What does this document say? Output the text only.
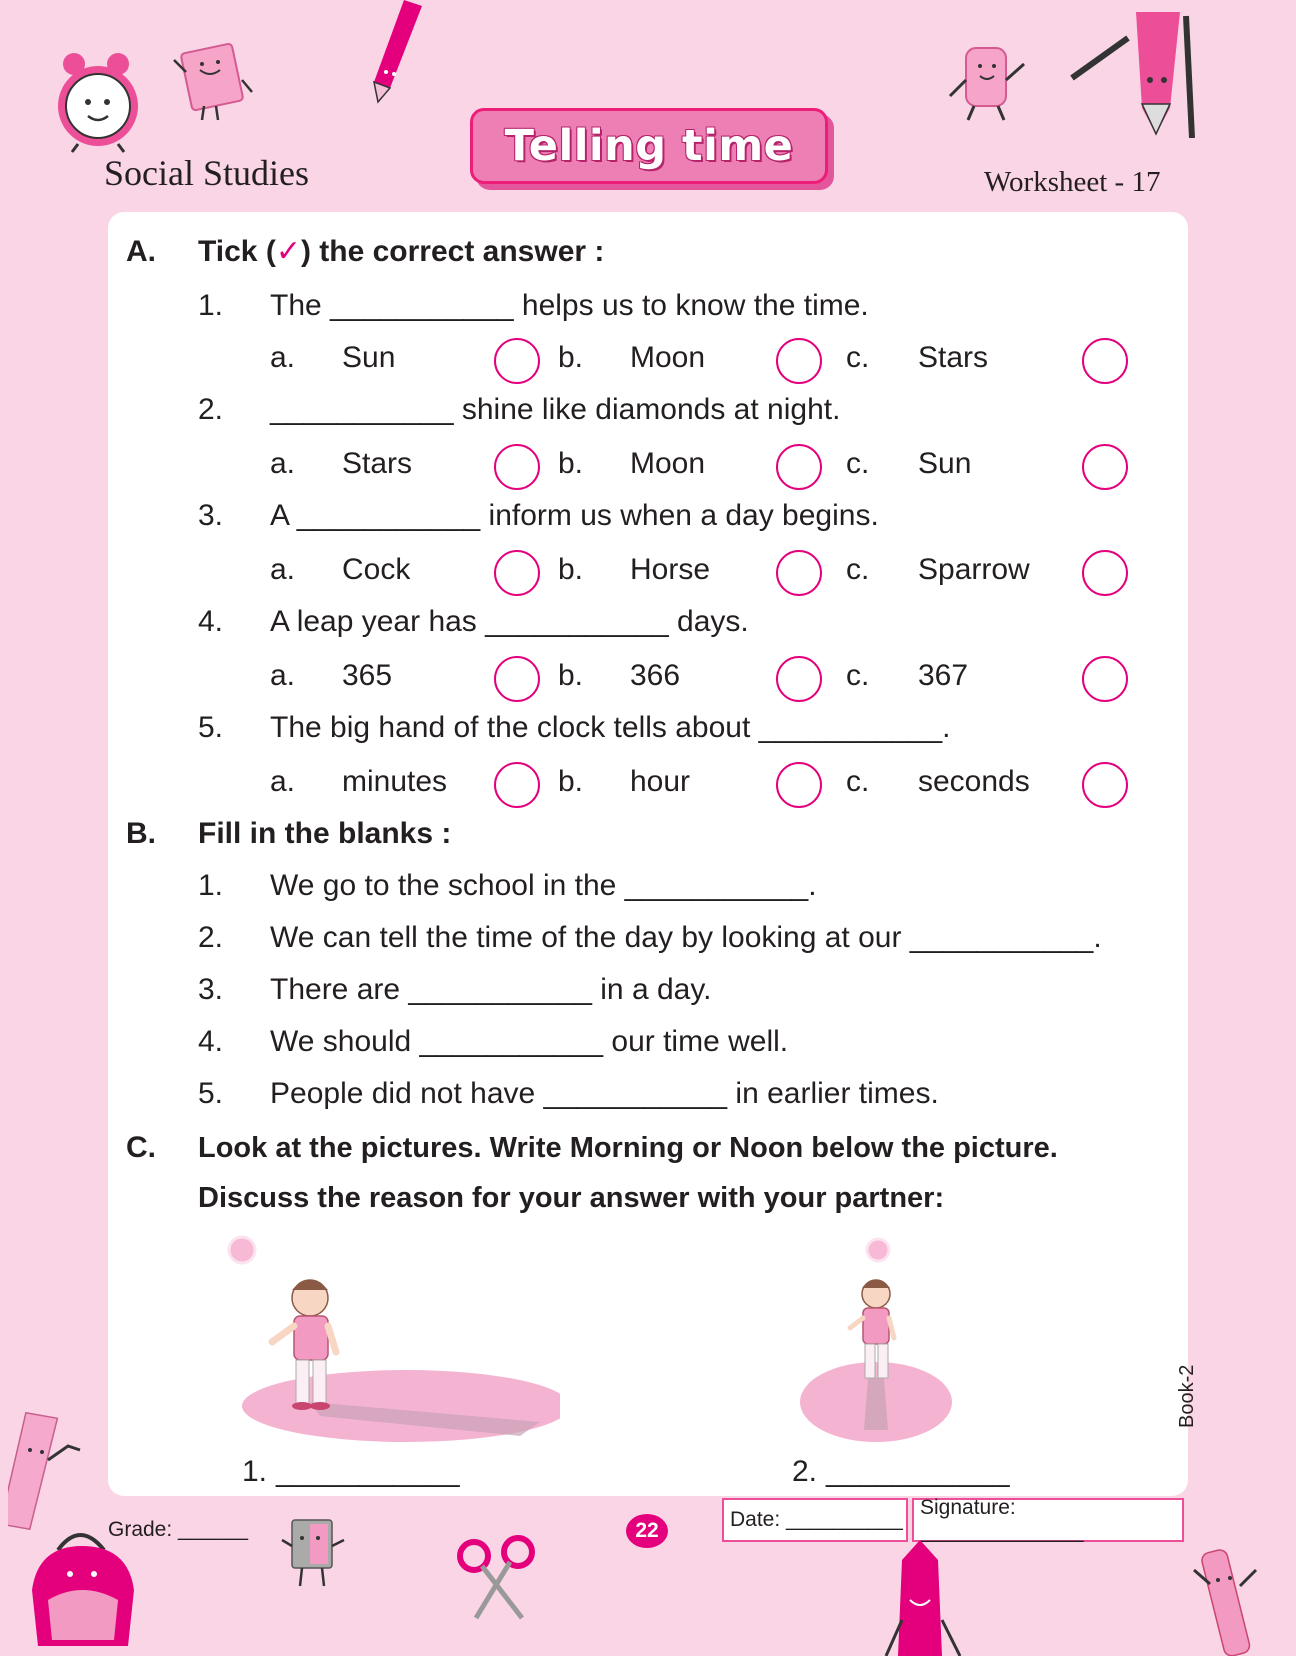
Social Studies
Telling time
Worksheet - 17
A. Tick (✓) the correct answer :
1. The ___________ helps us to know the time.
a. Sun	b. Moon	c. Stars
2. ___________ shine like diamonds at night.
a. Stars	b. Moon	c. Sun
3. A ___________ inform us when a day begins.
a. Cock	b. Horse	c. Sparrow
4. A leap year has ___________ days.
a. 365	b. 366	c. 367
5. The big hand of the clock tells about ___________.
a. minutes	b. hour	c. seconds
B. Fill in the blanks :
1. We go to the school in the ___________.
2. We can tell the time of the day by looking at our ___________.
3. There are ___________ in a day.
4. We should ___________ our time well.
5. People did not have ___________ in earlier times.
C. Look at the pictures. Write Morning or Noon below the picture.
Discuss the reason for your answer with your partner:
1. ___________	2. ___________
Book-2
Grade: ______	22	Date: __________
Signature: ______________
